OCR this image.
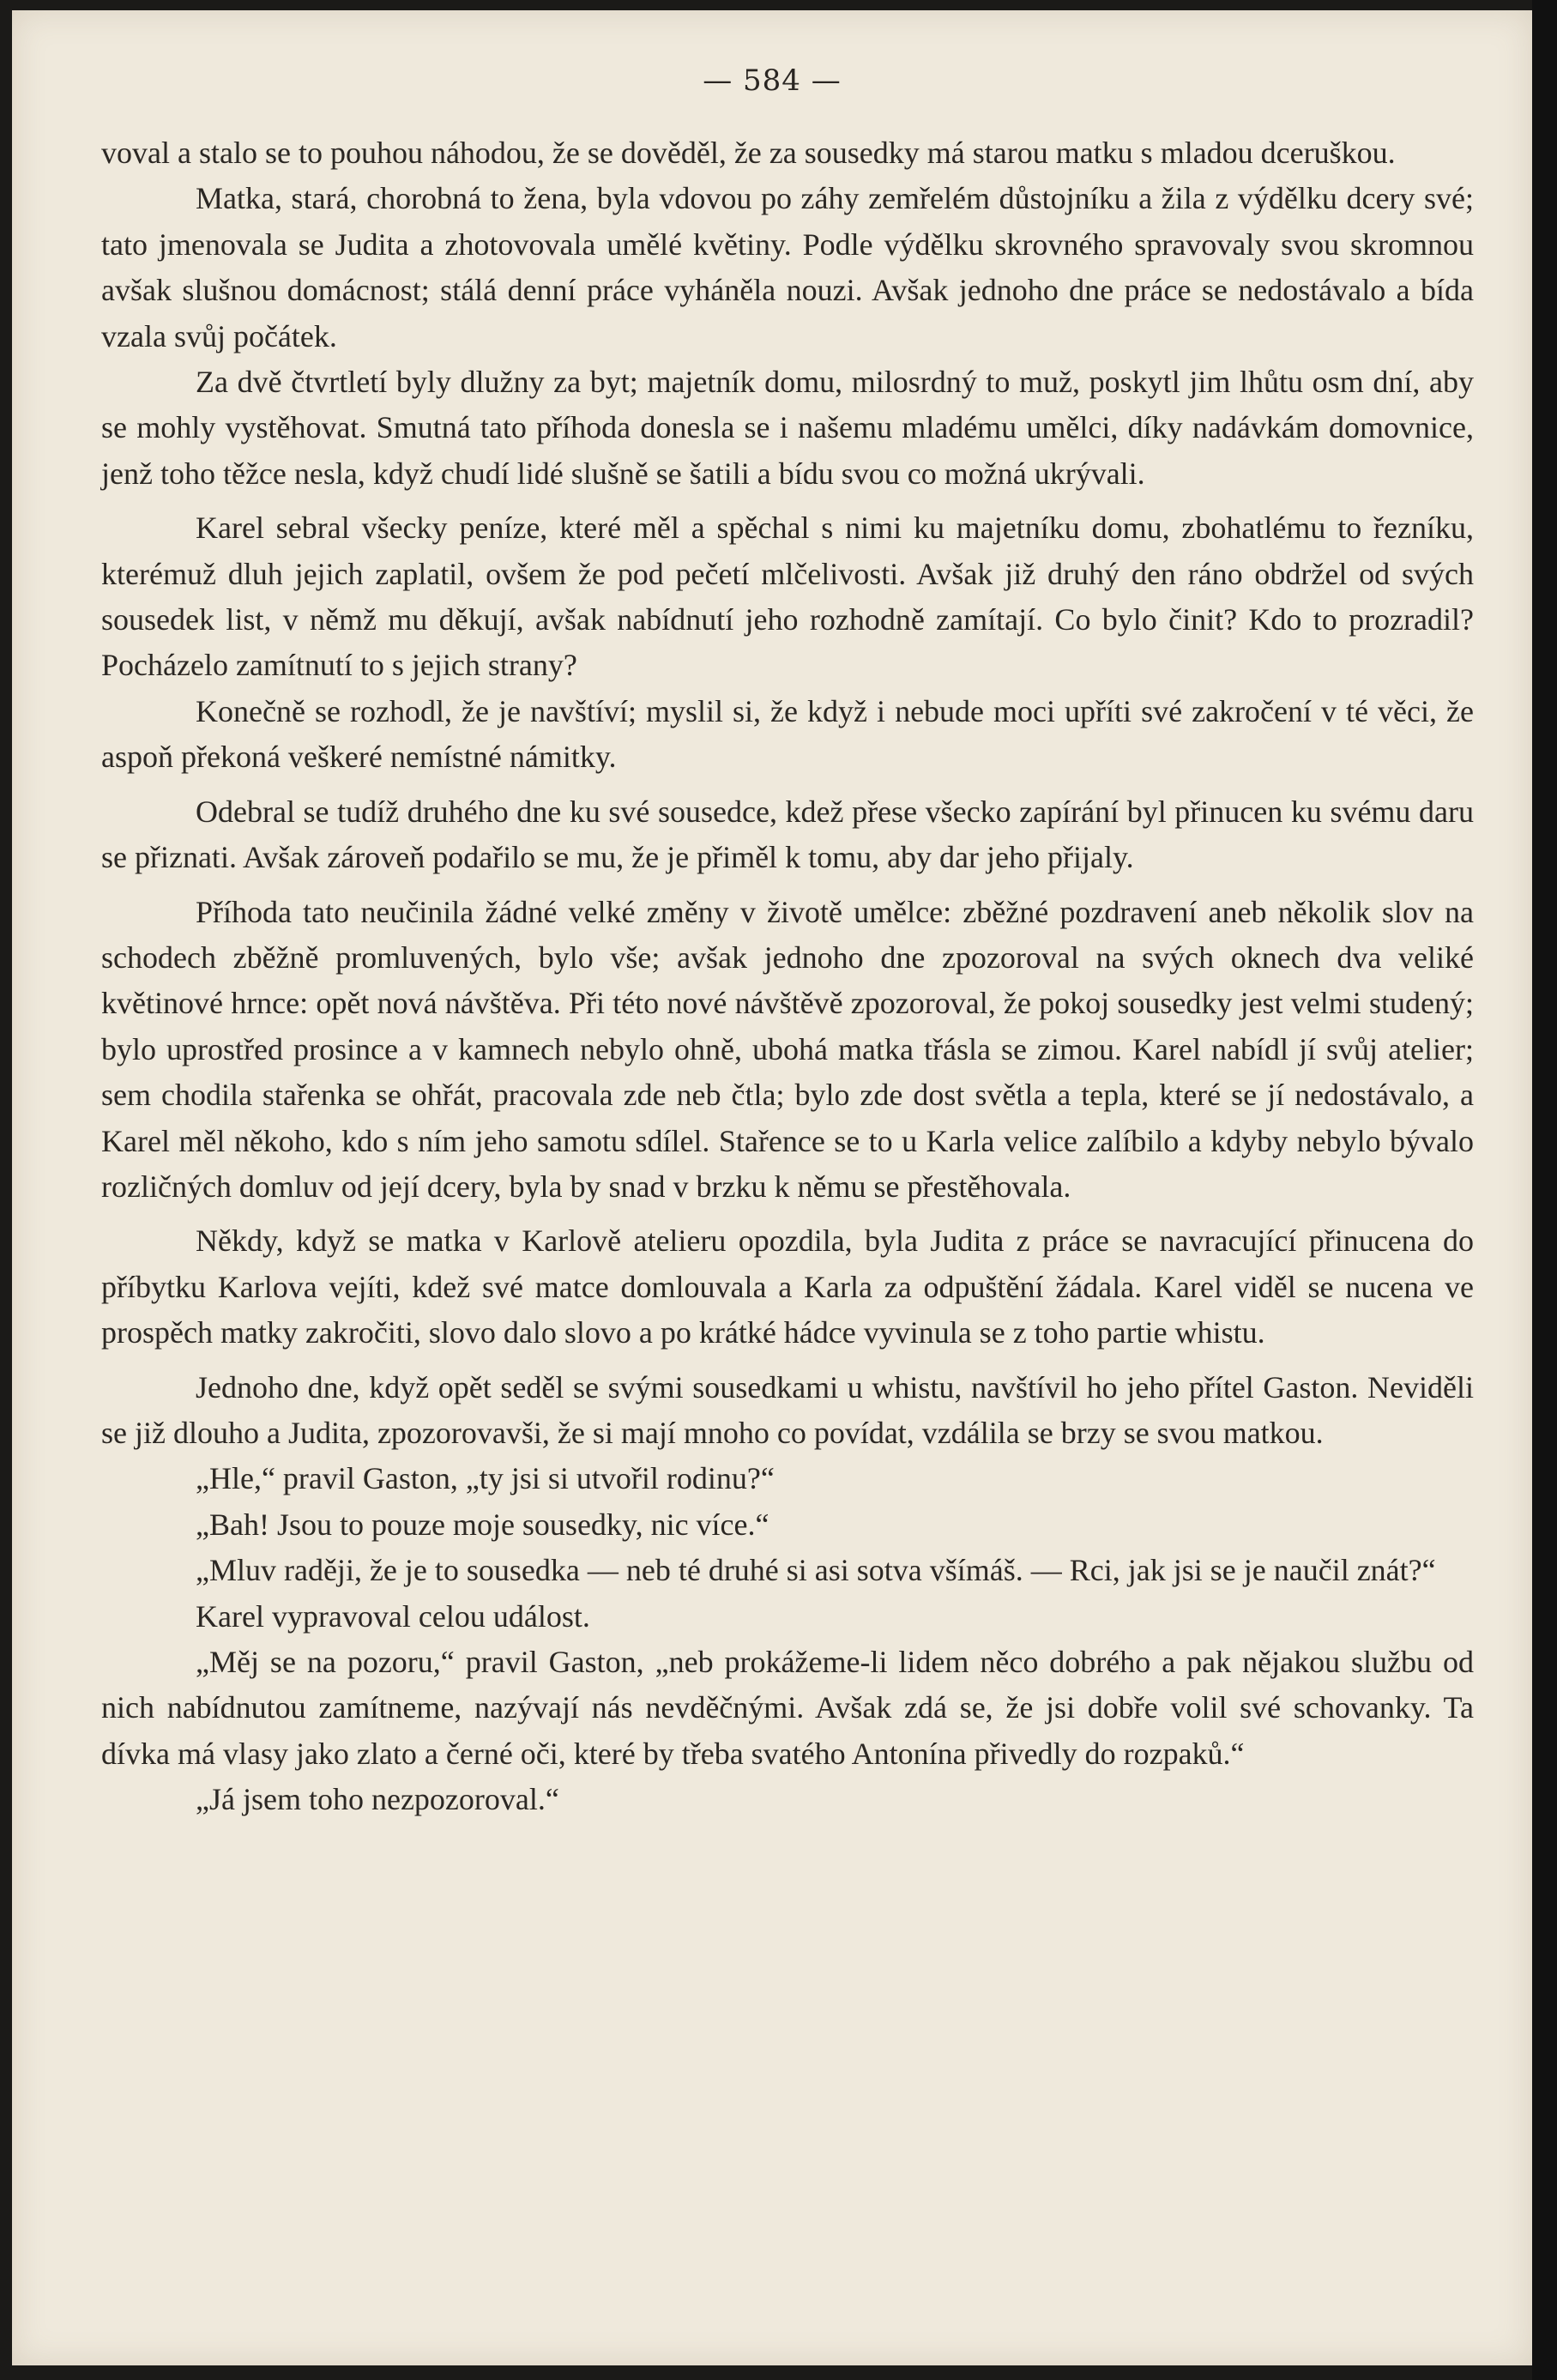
— 584 —

voval a stalo se to pouhou náhodou, že se dověděl, že za sousedky má starou matku s mladou dceruškou.

Matka, stará, chorobná to žena, byla vdovou po záhy zemřelém důstojníku a žila z výdělku dcery své; tato jmenovala se Judita a zhotovovala umělé květiny. Podle výdělku skrovného spravovaly svou skromnou avšak slušnou domácnost; stálá denní práce vyháněla nouzi. Avšak jednoho dne práce se nedostávalo a bída vzala svůj počátek.

Za dvě čtvrtletí byly dlužny za byt; majetník domu, milosrdný to muž, poskytl jim lhůtu osm dní, aby se mohly vystěhovat. Smutná tato příhoda donesla se i našemu mladému umělci, díky nadávkám domovnice, jenž toho těžce nesla, když chudí lidé slušně se šatili a bídu svou co možná ukrývali.

Karel sebral všecky peníze, které měl a spěchal s nimi ku majetníku domu, zbohatlému to řezníku, kterémuž dluh jejich zaplatil, ovšem že pod pečetí mlčelivosti. Avšak již druhý den ráno obdržel od svých sousedek list, v němž mu děkují, avšak nabídnutí jeho rozhodně zamítají. Co bylo činit? Kdo to prozradil? Pocházelo zamítnutí to s jejich strany?

Konečně se rozhodl, že je navštíví; myslil si, že když i nebude moci upříti své zakročení v té věci, že aspoň překoná veškeré nemístné námitky.

Odebral se tudíž druhého dne ku své sousedce, kdež přese všecko zapírání byl přinucen ku svému daru se přiznati. Avšak zároveň podařilo se mu, že je přiměl k tomu, aby dar jeho přijaly.

Příhoda tato neučinila žádné velké změny v životě umělce: zběžné pozdravení aneb několik slov na schodech zběžně promluvených, bylo vše; avšak jednoho dne zpozoroval na svých oknech dva veliké květinové hrnce: opět nová návštěva. Při této nové návštěvě zpozoroval, že pokoj sousedky jest velmi studený; bylo uprostřed prosince a v kamnech nebylo ohně, ubohá matka třásla se zimou. Karel nabídl jí svůj atelier; sem chodila stařenka se ohřát, pracovala zde neb čtla; bylo zde dost světla a tepla, které se jí nedostávalo, a Karel měl někoho, kdo s ním jeho samotu sdílel. Stařence se to u Karla velice zalíbilo a kdyby nebylo bývalo rozličných domluv od její dcery, byla by snad v brzku k němu se přestěhovala.

Někdy, když se matka v Karlově atelieru opozdila, byla Judita z práce se navracující přinucena do příbytku Karlova vejíti, kdež své matce domlouvala a Karla za odpuštění žádala. Karel viděl se nucena ve prospěch matky zakročiti, slovo dalo slovo a po krátké hádce vyvinula se z toho partie whistu.

Jednoho dne, když opět seděl se svými sousedkami u whistu, navštívil ho jeho přítel Gaston. Neviděli se již dlouho a Judita, zpozorovavši, že si mají mnoho co povídat, vzdálila se brzy se svou matkou.

„Hle,“ pravil Gaston, „ty jsi si utvořil rodinu?“

„Bah! Jsou to pouze moje sousedky, nic více.“

„Mluv raději, že je to sousedka — neb té druhé si asi sotva všímáš. — Rci, jak jsi se je naučil znát?“

Karel vypravoval celou událost.

„Měj se na pozoru,“ pravil Gaston, „neb prokážeme-li lidem něco dobrého a pak nějakou službu od nich nabídnutou zamítneme, nazývají nás nevděčnými. Avšak zdá se, že jsi dobře volil své schovanky. Ta dívka má vlasy jako zlato a černé oči, které by třeba svatého Antonína přivedly do rozpaků.“

„Já jsem toho nezpozoroval.“
